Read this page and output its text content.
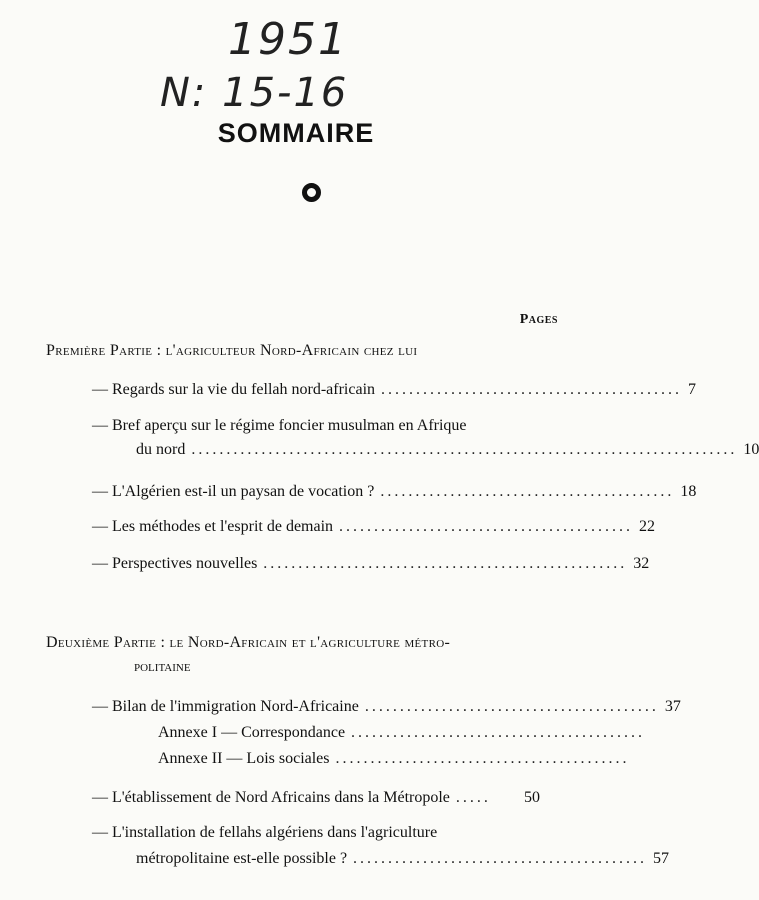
1951
N: 15-16
SOMMAIRE
Pages
Première Partie : l'agriculteur Nord-Africain chez lui
—
Regards sur la vie du fellah nord-africain ........................................... 7
—
Bref aperçu sur le régime foncier musulman en Afrique
du nord .............................................................................. 10
—
L'Algérien est-il un paysan de vocation ? .......................................... 18
—
Les méthodes et l'esprit de demain .......................................... 22
—
Perspectives nouvelles .................................................... 32
Deuxième Partie : le Nord-Africain et l'agriculture métro-
politaine
—
Bilan de l'immigration Nord-Africaine .......................................... 37
Annexe I — Correspondance ..........................................
Annexe II — Lois sociales ..........................................
—
L'établissement de Nord Africains dans la Métropole .....	50
—
L'installation de fellahs algériens dans l'agriculture
métropolitaine est-elle possible ? .......................................... 57
